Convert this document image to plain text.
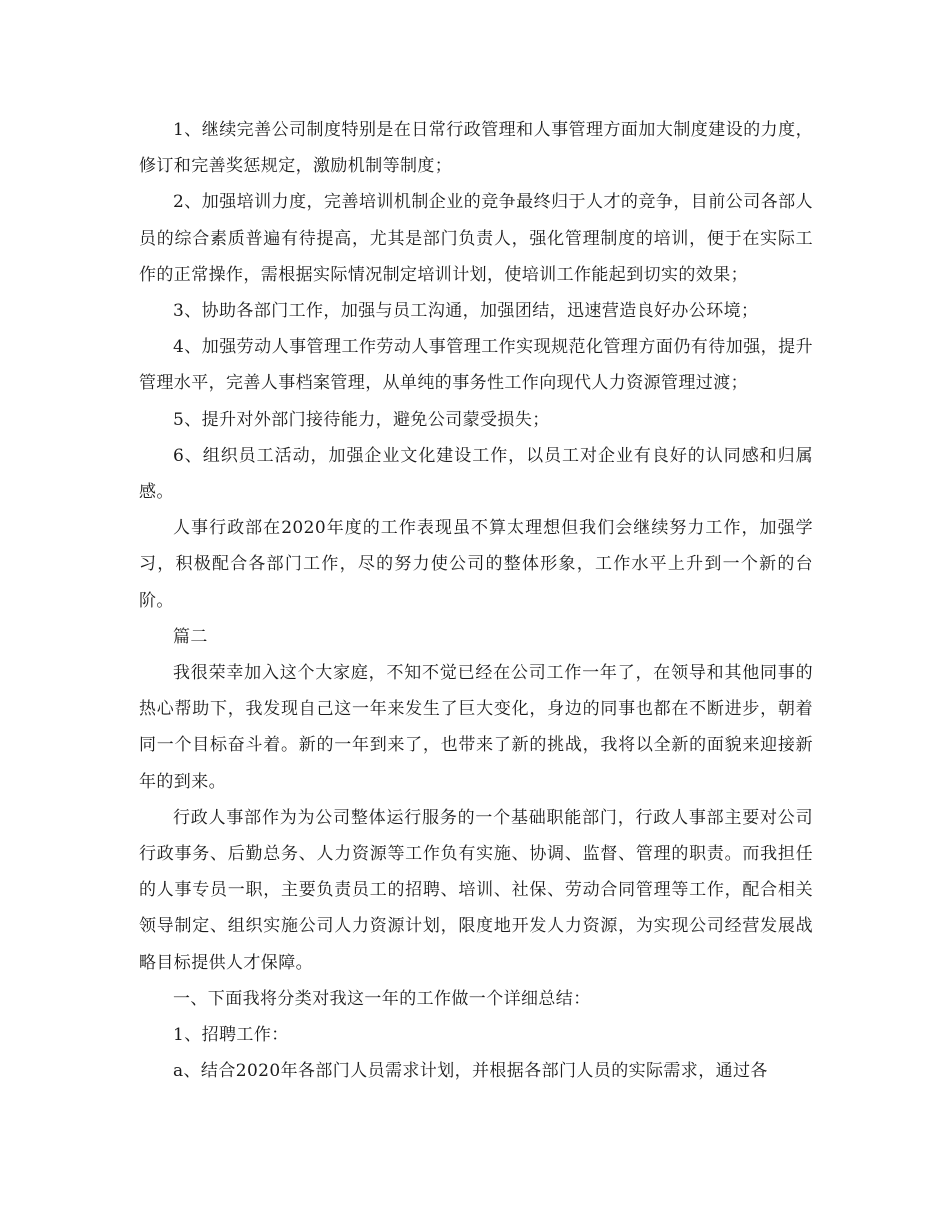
1、继续完善公司制度特别是在日常行政管理和人事管理方面加大制度建设的力度，修订和完善奖惩规定，激励机制等制度；

2、加强培训力度，完善培训机制企业的竞争最终归于人才的竞争，目前公司各部人员的综合素质普遍有待提高，尤其是部门负责人，强化管理制度的培训，便于在实际工作的正常操作，需根据实际情况制定培训计划，使培训工作能起到切实的效果；

3、协助各部门工作，加强与员工沟通，加强团结，迅速营造良好办公环境；

4、加强劳动人事管理工作劳动人事管理工作实现规范化管理方面仍有待加强，提升管理水平，完善人事档案管理，从单纯的事务性工作向现代人力资源管理过渡；

5、提升对外部门接待能力，避免公司蒙受损失；

6、组织员工活动，加强企业文化建设工作，以员工对企业有良好的认同感和归属感。

人事行政部在2020年度的工作表现虽不算太理想但我们会继续努力工作，加强学习，积极配合各部门工作，尽的努力使公司的整体形象，工作水平上升到一个新的台阶。

篇二

我很荣幸加入这个大家庭，不知不觉已经在公司工作一年了，在领导和其他同事的热心帮助下，我发现自己这一年来发生了巨大变化，身边的同事也都在不断进步，朝着同一个目标奋斗着。新的一年到来了，也带来了新的挑战，我将以全新的面貌来迎接新年的到来。

行政人事部作为为公司整体运行服务的一个基础职能部门，行政人事部主要对公司行政事务、后勤总务、人力资源等工作负有实施、协调、监督、管理的职责。而我担任的人事专员一职，主要负责员工的招聘、培训、社保、劳动合同管理等工作，配合相关领导制定、组织实施公司人力资源计划，限度地开发人力资源，为实现公司经营发展战略目标提供人才保障。

一、下面我将分类对我这一年的工作做一个详细总结：

1、招聘工作：

a、结合2020年各部门人员需求计划，并根据各部门人员的实际需求，通过各
